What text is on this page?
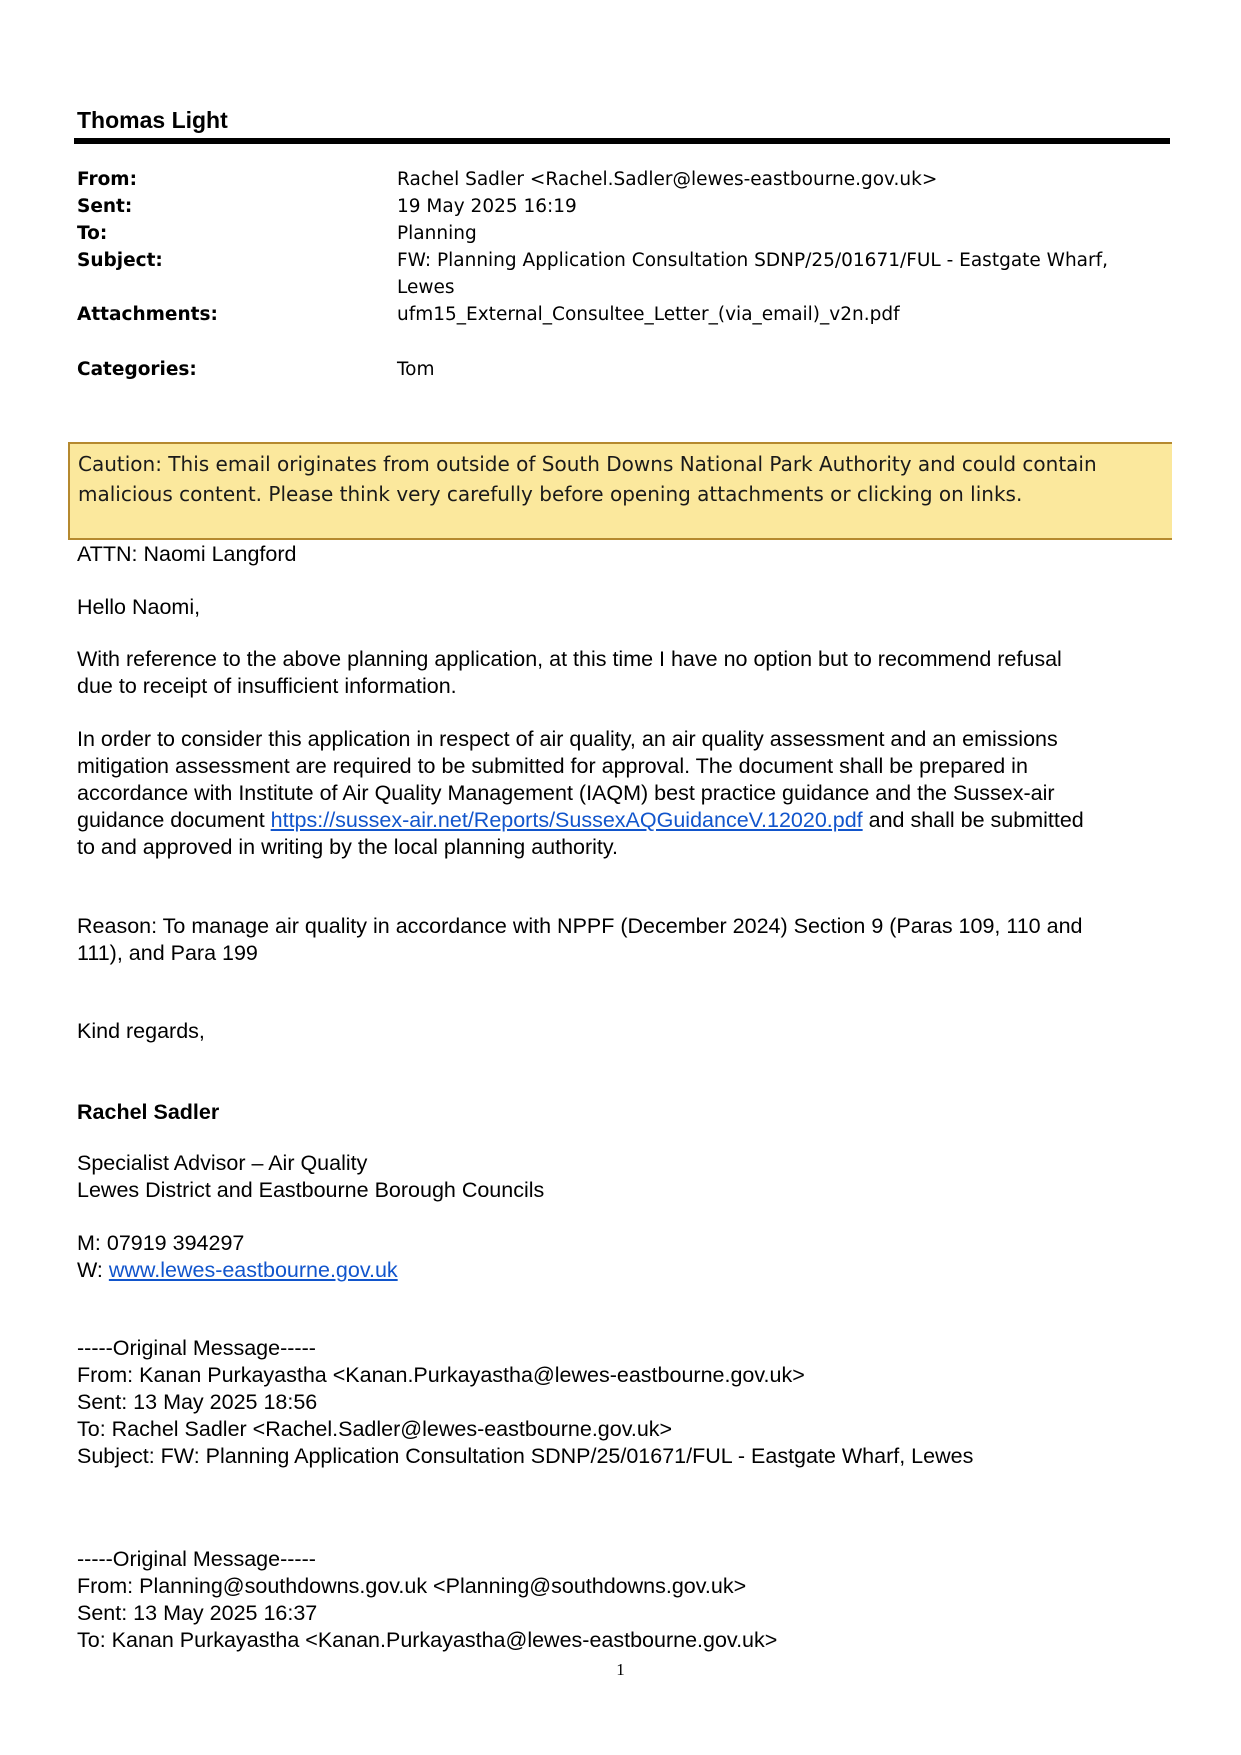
Thomas Light
From:	Rachel Sadler <Rachel.Sadler@lewes-eastbourne.gov.uk>
Sent:	19 May 2025 16:19
To:	Planning
Subject:	FW: Planning Application Consultation SDNP/25/01671/FUL - Eastgate Wharf,
Lewes
Attachments:	ufm15_External_Consultee_Letter_(via_email)_v2n.pdf
Categories:	Tom
Caution: This email originates from outside of South Downs National Park Authority and could contain malicious content. Please think very carefully before opening attachments or clicking on links.
ATTN: Naomi Langford
Hello Naomi,
With reference to the above planning application, at this time I have no option but to recommend refusal
due to receipt of insufficient information.
In order to consider this application in respect of air quality, an air quality assessment and an emissions
mitigation assessment are required to be submitted for approval. The document shall be prepared in
accordance with Institute of Air Quality Management (IAQM) best practice guidance and the Sussex-air
guidance document https://sussex-air.net/Reports/SussexAQGuidanceV.12020.pdf and shall be submitted
to and approved in writing by the local planning authority.
Reason: To manage air quality in accordance with NPPF (December 2024) Section 9 (Paras 109, 110 and
111), and Para 199
Kind regards,
Rachel Sadler
Specialist Advisor – Air Quality
Lewes District and Eastbourne Borough Councils
M: 07919 394297
W: www.lewes-eastbourne.gov.uk
-----Original Message-----
From: Kanan Purkayastha <Kanan.Purkayastha@lewes-eastbourne.gov.uk>
Sent: 13 May 2025 18:56
To: Rachel Sadler <Rachel.Sadler@lewes-eastbourne.gov.uk>
Subject: FW: Planning Application Consultation SDNP/25/01671/FUL - Eastgate Wharf, Lewes
-----Original Message-----
From: Planning@southdowns.gov.uk <Planning@southdowns.gov.uk>
Sent: 13 May 2025 16:37
To: Kanan Purkayastha <Kanan.Purkayastha@lewes-eastbourne.gov.uk>
1
